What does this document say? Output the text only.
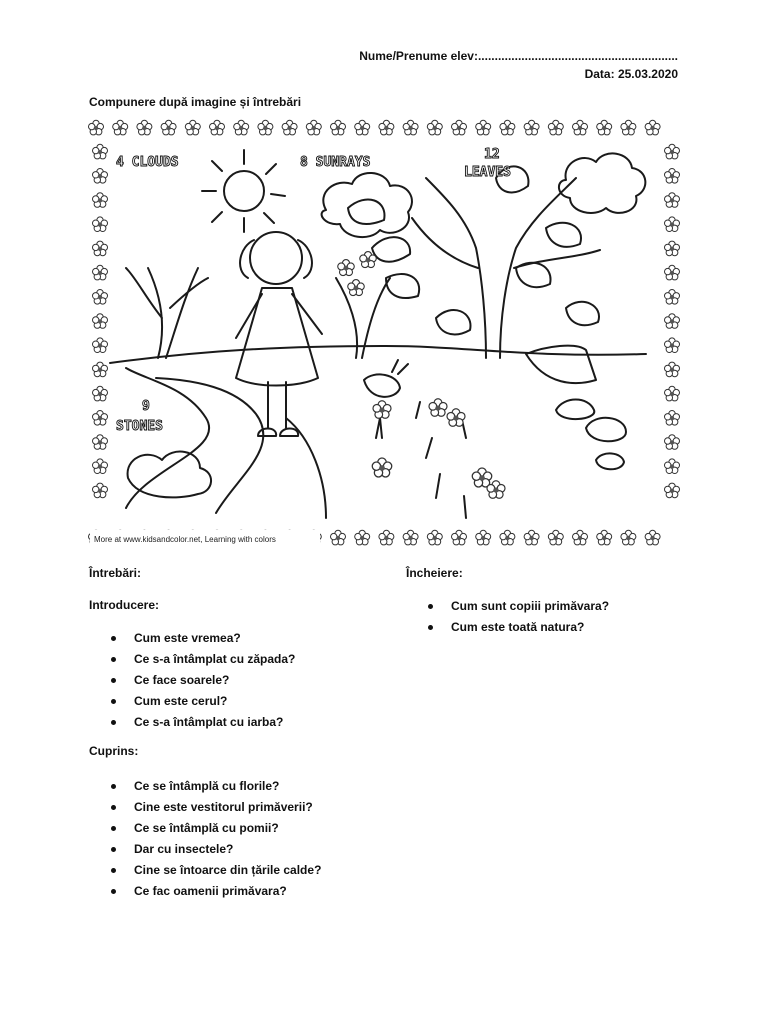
Nume/Prenume elev:............................................................
Data: 25.03.2020
Compunere după imagine și întrebări
4 CLOUDS	8 SUNRAYS
12
LEAVES
9
STONES
More at www.kidsandcolor.net, Learning with colors
Întrebări:
Introducere:
Cum este vremea?
Ce s-a întâmplat cu zăpada?
Ce face soarele?
Cum este cerul?
Ce s-a întâmplat cu iarba?
Cuprins:
Ce se întâmplă cu florile?
Cine este vestitorul primăverii?
Ce se întâmplă cu pomii?
Dar cu insectele?
Cine se întoarce din țările calde?
Ce fac oamenii primăvara?
Încheiere:
Cum sunt copiii primăvara?
Cum este toată natura?
